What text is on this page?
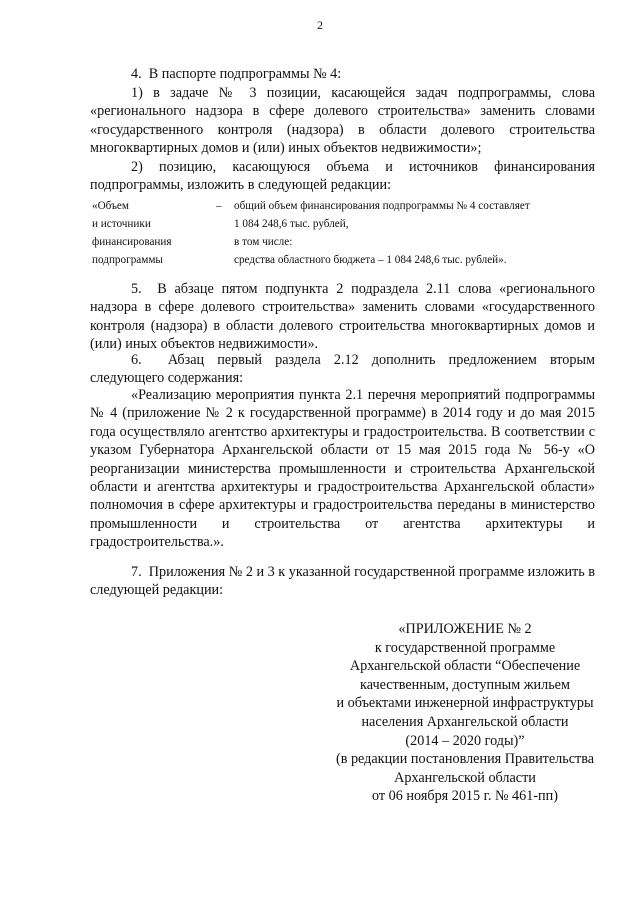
2
4.  В паспорте подпрограммы № 4:
1) в задаче № 3 позиции, касающейся задач подпрограммы, слова «регионального надзора в сфере долевого строительства» заменить словами «государственного контроля (надзора) в области долевого строительства многоквартирных домов и (или) иных объектов недвижимости»;
2) позицию, касающуюся объема и источников финансирования подпрограммы, изложить в следующей редакции:
«Объем
и источники
финансирования
подпрограммы
–	общий объем финансирования подпрограммы № 4 составляет
1 084 248,6 тыс. рублей,
в том числе:
средства областного бюджета – 1 084 248,6 тыс. рублей».
5.  В абзаце пятом подпункта 2 подраздела 2.11 слова «регионального надзора в сфере долевого строительства» заменить словами «государственного контроля (надзора) в области долевого строительства многоквартирных домов и (или) иных объектов недвижимости».
6.  Абзац первый раздела 2.12 дополнить предложением вторым следующего содержания:
«Реализацию мероприятия пункта 2.1 перечня мероприятий подпрограммы № 4 (приложение № 2 к государственной программе) в 2014 году и до мая 2015 года осуществляло агентство архитектуры и градостроительства. В соответствии с указом Губернатора Архангельской области от 15 мая 2015 года № 56-у «О реорганизации министерства промышленности и строительства Архангельской области и агентства архитектуры и градостроительства Архангельской области» полномочия в сфере архитектуры и градостроительства переданы в министерство промышленности и строительства от агентства архитектуры и градостроительства.».
7.  Приложения № 2 и 3 к указанной государственной программе изложить в следующей редакции:
«ПРИЛОЖЕНИЕ № 2
к государственной программе
Архангельской области “Обеспечение
качественным, доступным жильем
и объектами инженерной инфраструктуры
населения Архангельской области
(2014 – 2020 годы)”
(в редакции постановления Правительства
Архангельской области
от 06 ноября 2015 г. № 461-пп)
